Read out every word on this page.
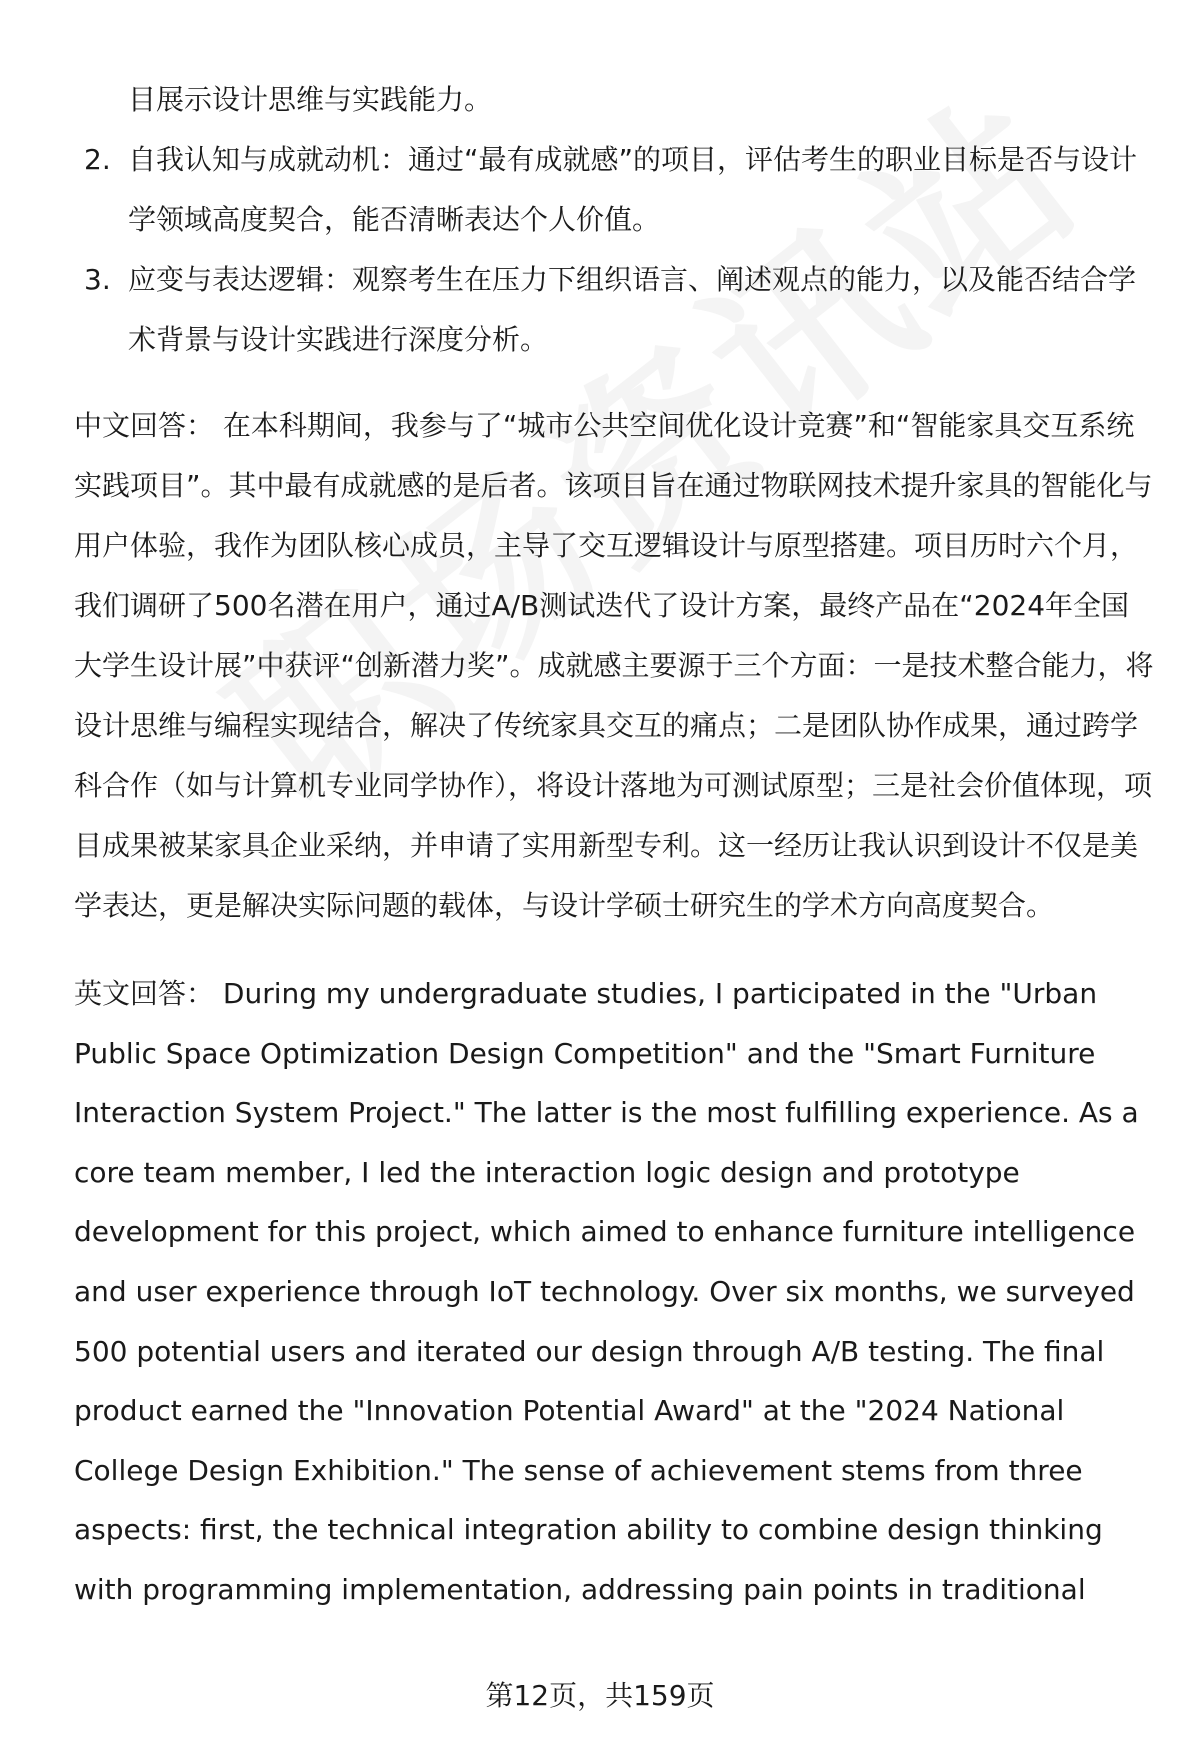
目展示设计思维与实践能力。

2. 自我认知与成就动机：通过“最有成就感”的项目，评估考生的职业目标是否与设计学领域高度契合，能否清晰表达个人价值。
3. 应变与表达逻辑：观察考生在压力下组织语言、阐述观点的能力，以及能否结合学术背景与设计实践进行深度分析。

中文回答： 在本科期间，我参与了“城市公共空间优化设计竞赛”和“智能家具交互系统实践项目”。其中最有成就感的是后者。该项目旨在通过物联网技术提升家具的智能化与用户体验，我作为团队核心成员，主导了交互逻辑设计与原型搭建。项目历时六个月，我们调研了500名潜在用户，通过A/B测试迭代了设计方案，最终产品在“2024年全国大学生设计展”中获评“创新潜力奖”。成就感主要源于三个方面：一是技术整合能力，将设计思维与编程实现结合，解决了传统家具交互的痛点；二是团队协作成果，通过跨学科合作（如与计算机专业同学协作），将设计落地为可测试原型；三是社会价值体现，项目成果被某家具企业采纳，并申请了实用新型专利。这一经历让我认识到设计不仅是美学表达，更是解决实际问题的载体，与设计学硕士研究生的学术方向高度契合。

英文回答： During my undergraduate studies, I participated in the "Urban Public Space Optimization Design Competition" and the "Smart Furniture Interaction System Project." The latter is the most fulfilling experience. As a core team member, I led the interaction logic design and prototype development for this project, which aimed to enhance furniture intelligence and user experience through IoT technology. Over six months, we surveyed 500 potential users and iterated our design through A/B testing. The final product earned the "Innovation Potential Award" at the "2024 National College Design Exhibition." The sense of achievement stems from three aspects: first, the technical integration ability to combine design thinking with programming implementation, addressing pain points in traditional

第12页，共159页
